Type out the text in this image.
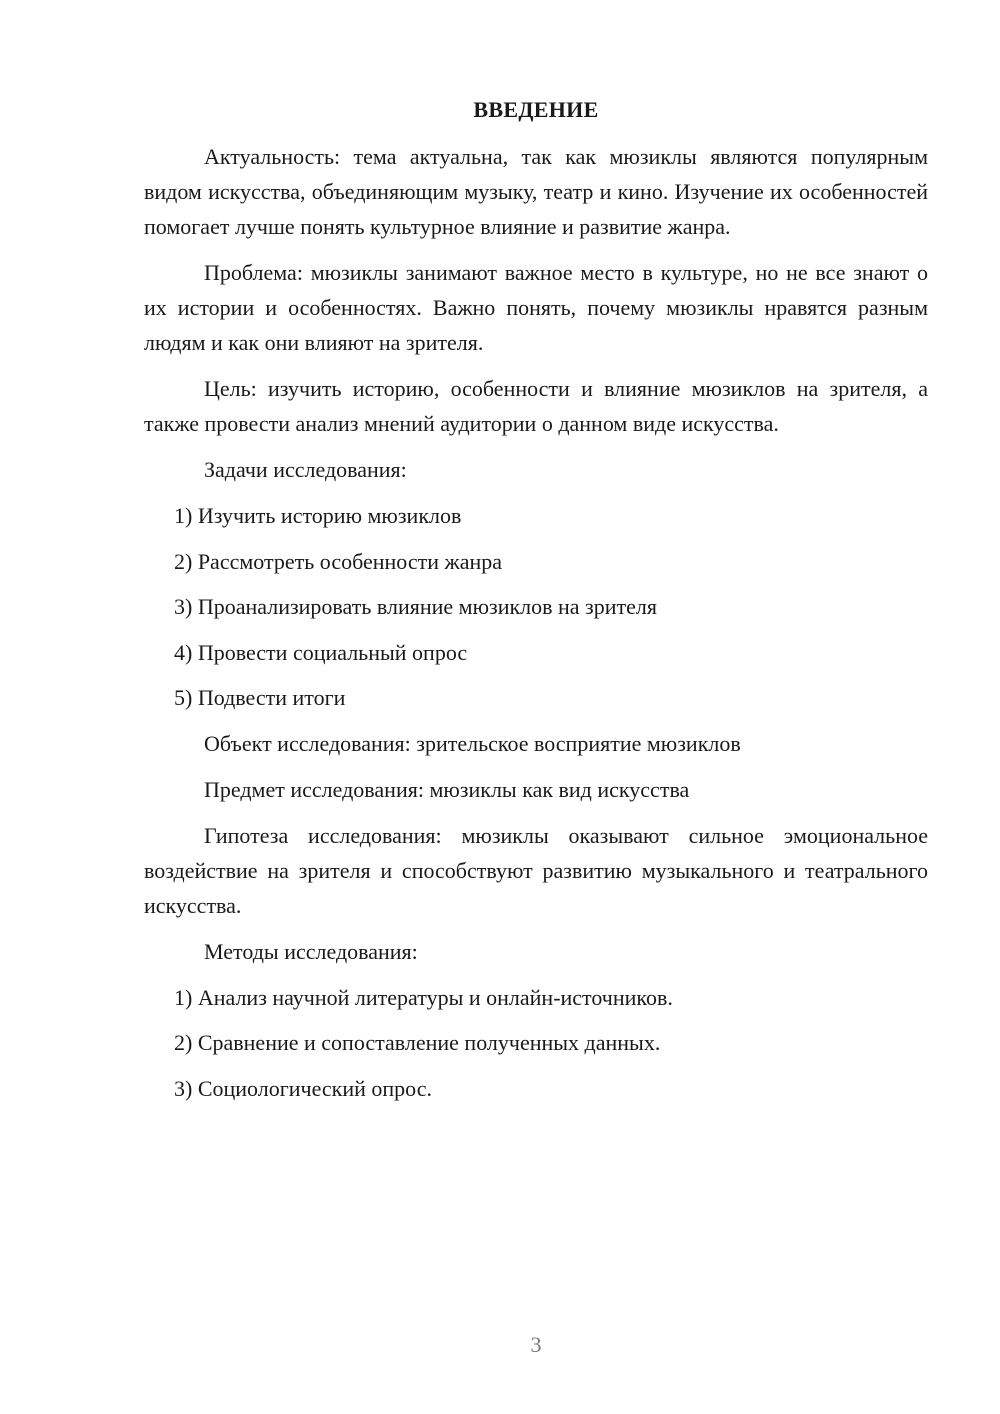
ВВЕДЕНИЕ

Актуальность: тема актуальна, так как мюзиклы являются популярным видом искусства, объединяющим музыку, театр и кино. Изучение их особенностей помогает лучше понять культурное влияние и развитие жанра.

Проблема: мюзиклы занимают важное место в культуре, но не все знают о их истории и особенностях. Важно понять, почему мюзиклы нравятся разным людям и как они влияют на зрителя.

Цель: изучить историю, особенности и влияние мюзиклов на зрителя, а также провести анализ мнений аудитории о данном виде искусства.

Задачи исследования:

1) Изучить историю мюзиклов
2) Рассмотреть особенности жанра
3) Проанализировать влияние мюзиклов на зрителя
4) Провести социальный опрос
5) Подвести итоги

Объект исследования: зрительское восприятие мюзиклов

Предмет исследования: мюзиклы как вид искусства

Гипотеза исследования: мюзиклы оказывают сильное эмоциональное воздействие на зрителя и способствуют развитию музыкального и театрального искусства.

Методы исследования:

1) Анализ научной литературы и онлайн-источников.
2) Сравнение и сопоставление полученных данных.
3) Социологический опрос.
3
